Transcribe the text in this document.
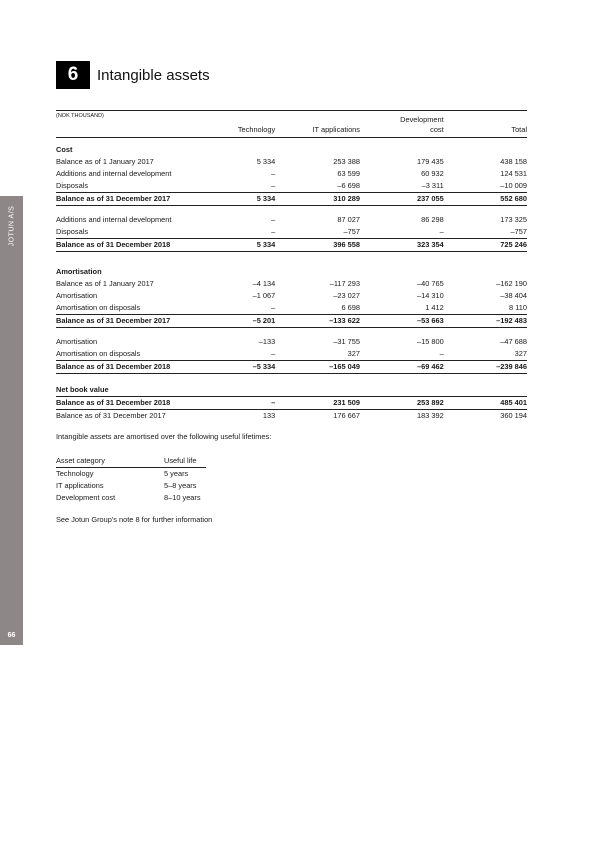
JOTUN A/S
66
6	Intangible assets
(NOK THOUSAND)	Technology	IT applications	Development
cost	Total
Cost				
Balance as of 1 January 2017	5 334	253 388	179 435	438 158
Additions and internal development	–	63 599	60 932	124 531
Disposals	–	–6 698	–3 311	–10 009
Balance as of 31 December 2017	5 334	310 289	237 055	552 680

Additions and internal development	–	87 027	86 298	173 325
Disposals	–	–757	–	–757
Balance as of 31 December 2018	5 334	396 558	323 354	725 246

Amortisation				
Balance as of 1 January 2017	–4 134	–117 293	–40 765	–162 190
Amortisation	–1 067	–23 027	–14 310	–38 404
Amortisation on disposals	–	6 698	1 412	8 110
Balance as of 31 December 2017	–5 201	–133 622	–53 663	–192 483

Amortisation	–133	–31 755	–15 800	–47 688
Amortisation on disposals	–	327	–	327
Balance as of 31 December 2018	–5 334	–165 049	–69 462	–239 846

Net book value				
Balance as of 31 December 2018	–	231 509	253 892	485 401
Balance as of 31 December 2017	133	176 667	183 392	360 194
Intangible assets are amortised over the following useful lifetimes:
Asset category	Useful life
Technology	5 years
IT applications	5–8 years
Development cost	8–10 years
See Jotun Group's note 8 for further information
